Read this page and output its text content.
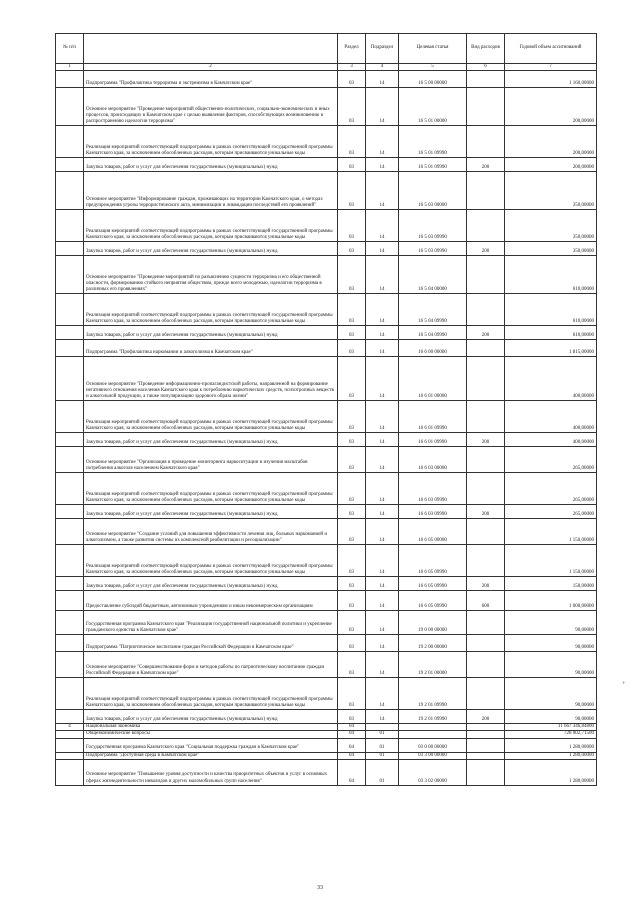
№ п/п		Раздел	Подраздел	Целевая статья	Вид расходов	Годовой объем ассигнований
1	2	3	4	5	6	7
	Подпрограмма "Профилактика терроризма и экстремизма в Камчатском крае"	03	14	16 5 00 00000		1 160,00000
	Основное мероприятие "Проведение мероприятий общественно-политических, социально-экономических и иных процессов, происходящих в Камчатском крае с целью выявления факторов, способствующих возникновению и распространению идеологии терроризма"	03	14	16 5 01 00000		200,00000
	Реализация мероприятий соответствующей подпрограммы в рамках соответствующей государственной программы Камчатского края, за исключением обособленных расходов, которым присваиваются уникальные коды	03	14	16 5 01 09990		200,00000
	Закупка товаров, работ и услуг для обеспечения государственных (муниципальных) нужд	03	14	16 5 01 09990	200	200,00000
	Основное мероприятие "Информирование граждан, проживающих на территории Камчатского края, о методах предупреждения угрозы террористического акта, минимизации и ликвидации последствий его проявлений"	03	14	16 5 03 00000		350,00000
	Реализация мероприятий соответствующей подпрограммы в рамках соответствующей государственной программы Камчатского края, за исключением обособленных расходов, которым присваиваются уникальные коды	03	14	16 5 03 09990		350,00000
	Закупка товаров, работ и услуг для обеспечения государственных (муниципальных) нужд	03	14	16 5 03 09990	200	350,00000
	Основное мероприятие "Проведение мероприятий по разъяснению сущности терроризма и его общественной опасности, формированию стойкого неприятия обществом, прежде всего молодежью, идеологии терроризма в различных его проявлениях"	03	14	16 5 04 00000		610,00000
	Реализация мероприятий соответствующей подпрограммы в рамках соответствующей государственной программы Камчатского края, за исключением обособленных расходов, которым присваиваются уникальные коды	03	14	16 5 04 09990		610,00000
	Закупка товаров, работ и услуг для обеспечения государственных (муниципальных) нужд	03	14	16 5 04 09990	200	610,00000
	Подпрограмма "Профилактика наркомании и алкоголизма в Камчатском крае"	03	14	16 6 00 00000		1 815,00000
	Основное мероприятие "Проведение информационно-пропагандистской работы, направленной на формирование негативного отношения населения Камчатского края к потреблению наркотических средств, психотропных веществ и алкогольной продукции, а также популяризацию здорового образа жизни"	03	14	16 6 01 00000		400,00000
	Реализация мероприятий соответствующей подпрограммы в рамках соответствующей государственной программы Камчатского края, за исключением обособленных расходов, которым присваиваются уникальные коды	03	14	16 6 01 09990		400,00000
	Закупка товаров, работ и услуг для обеспечения государственных (муниципальных) нужд	03	14	16 6 01 09990	200	400,00000
	Основное мероприятие "Организация и проведение мониторинга наркоситуации и изучения масштабов потребления алкоголя населением Камчатского края"	03	14	16 6 03 00000		265,00000
	Реализация мероприятий соответствующей подпрограммы в рамках соответствующей государственной программы Камчатского края, за исключением обособленных расходов, которым присваиваются уникальные коды	03	14	16 6 03 09990		265,00000
	Закупка товаров, работ и услуг для обеспечения государственных (муниципальных) нужд	03	14	16 6 03 09990	200	265,00000
	Основное мероприятие "Создание условий для повышения эффективности лечения лиц, больных наркоманией и алкоголизмом, а также развития системы их комплексной реабилитации и ресоциализации"	03	14	16 6 05 00000		1 150,00000
	Реализация мероприятий соответствующей подпрограммы в рамках соответствующей государственной программы Камчатского края, за исключением обособленных расходов, которым присваиваются уникальные коды	03	14	16 6 05 09990		1 150,00000
	Закупка товаров, работ и услуг для обеспечения государственных (муниципальных) нужд	03	14	16 6 05 09990	200	150,00000
	Предоставление субсидий бюджетным, автономным учреждениям и иным некоммерческим организациям	03	14	16 6 05 09990	600	1 000,00000
	Государственная программа Камчатского края "Реализация государственной национальной политики и укрепление гражданского единства в Камчатском крае"	03	14	19 0 00 00000		90,00000
	Подпрограмма "Патриотическое воспитание граждан Российской Федерации в Камчатском крае"	03	14	19 2 00 00000		90,00000
	Основное мероприятие "Совершенствование форм и методов работы по патриотическому воспитанию граждан Российской Федерации в Камчатском крае"	03	14	19 2 01 00000		90,00000
	Реализация мероприятий соответствующей подпрограммы в рамках соответствующей государственной программы Камчатского края, за исключением обособленных расходов, которым присваиваются уникальные коды	03	14	19 2 01 09990		90,00000
	Закупка товаров, работ и услуг для обеспечения государственных (муниципальных) нужд	03	14	19 2 01 09990	200	90,00000
4	Национальная экономика	04				11 667 346,84800
	Общеэкономические вопросы	04	01			728 002,71500
	Государственная программа Камчатского края "Социальная поддержка граждан в Камчатском крае"	04	01	03 0 00 00000		1 280,00000
	Подпрограмма "Доступная среда в Камчатском крае"	04	01	03 3 00 00000		1 280,00000
	Основное мероприятие "Повышение уровня доступности и качества приоритетных объектов и услуг в основных сферах жизнедеятельности инвалидов и других маломобильных групп населения"	04	01	03 3 02 00000		1 280,00000
+
33
